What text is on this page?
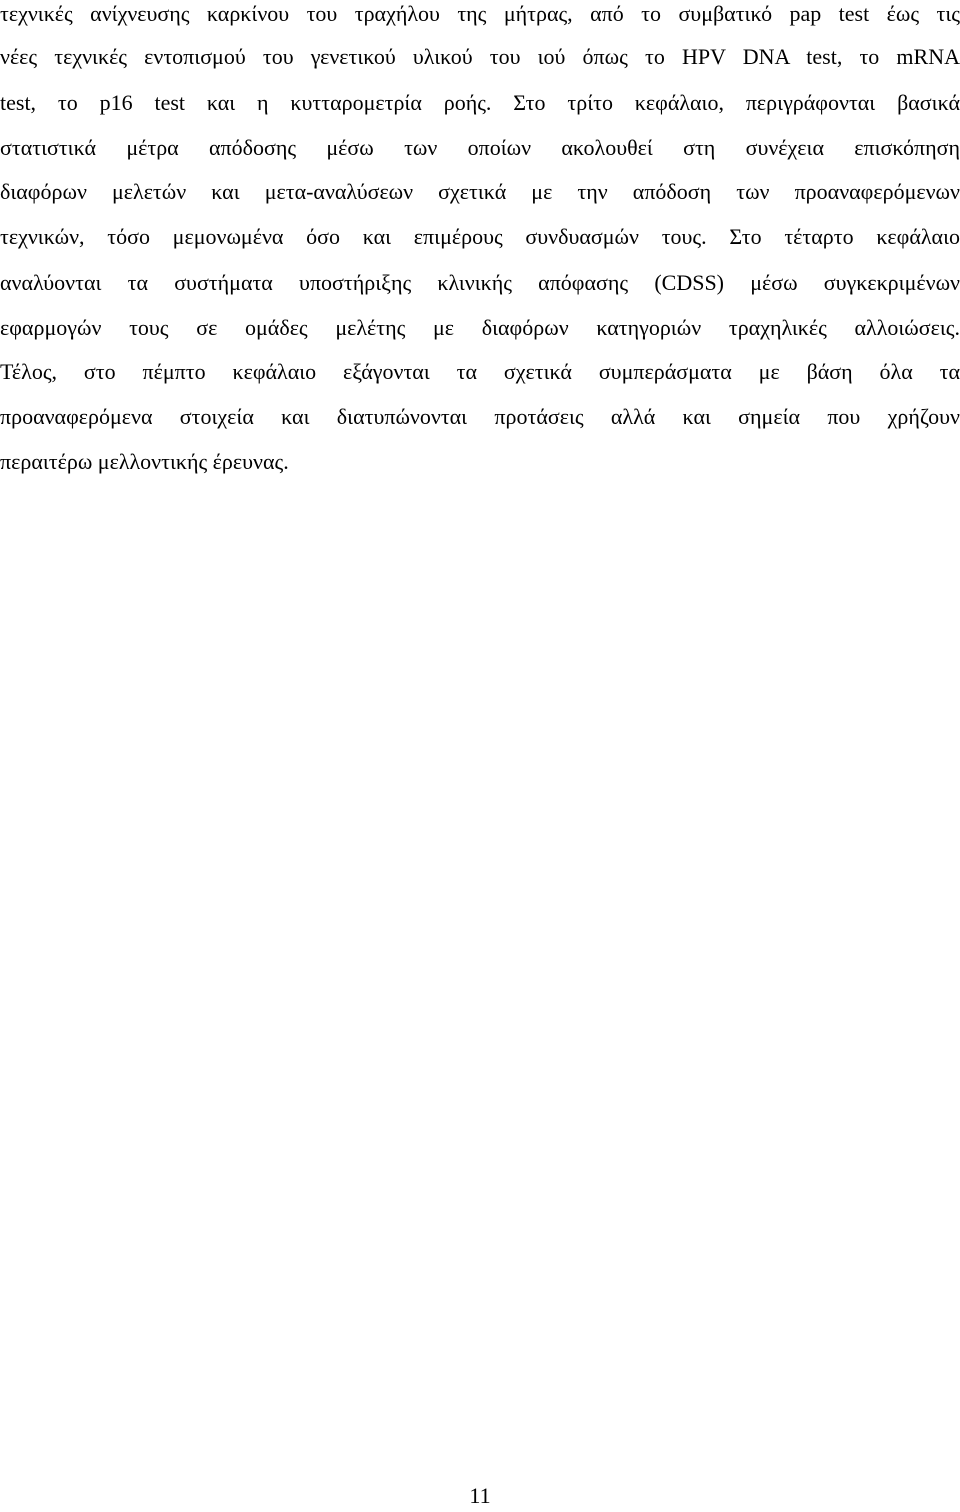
τεχνικές ανίχνευσης καρκίνου του τραχήλου της μήτρας, από το συμβατικό pap test έως τις
νέες τεχνικές εντοπισμού του γενετικού υλικού του ιού όπως το HPV DNA test, το mRNA
test, το p16 test και η κυτταρομετρία ροής. Στο τρίτο κεφάλαιο, περιγράφονται βασικά
στατιστικά μέτρα απόδοσης μέσω των οποίων ακολουθεί στη συνέχεια επισκόπηση
διαφόρων μελετών και μετα-αναλύσεων σχετικά με την απόδοση των προαναφερόμενων
τεχνικών, τόσο μεμονωμένα όσο και επιμέρους συνδυασμών τους. Στο τέταρτο κεφάλαιο
αναλύονται τα συστήματα υποστήριξης κλινικής απόφασης (CDSS) μέσω συγκεκριμένων
εφαρμογών τους σε ομάδες μελέτης με διαφόρων κατηγοριών τραχηλικές αλλοιώσεις.
Τέλος, στο πέμπτο κεφάλαιο εξάγονται τα σχετικά συμπεράσματα με βάση όλα τα
προαναφερόμενα στοιχεία και διατυπώνονται προτάσεις αλλά και σημεία που χρήζουν
περαιτέρω μελλοντικής έρευνας.
11
